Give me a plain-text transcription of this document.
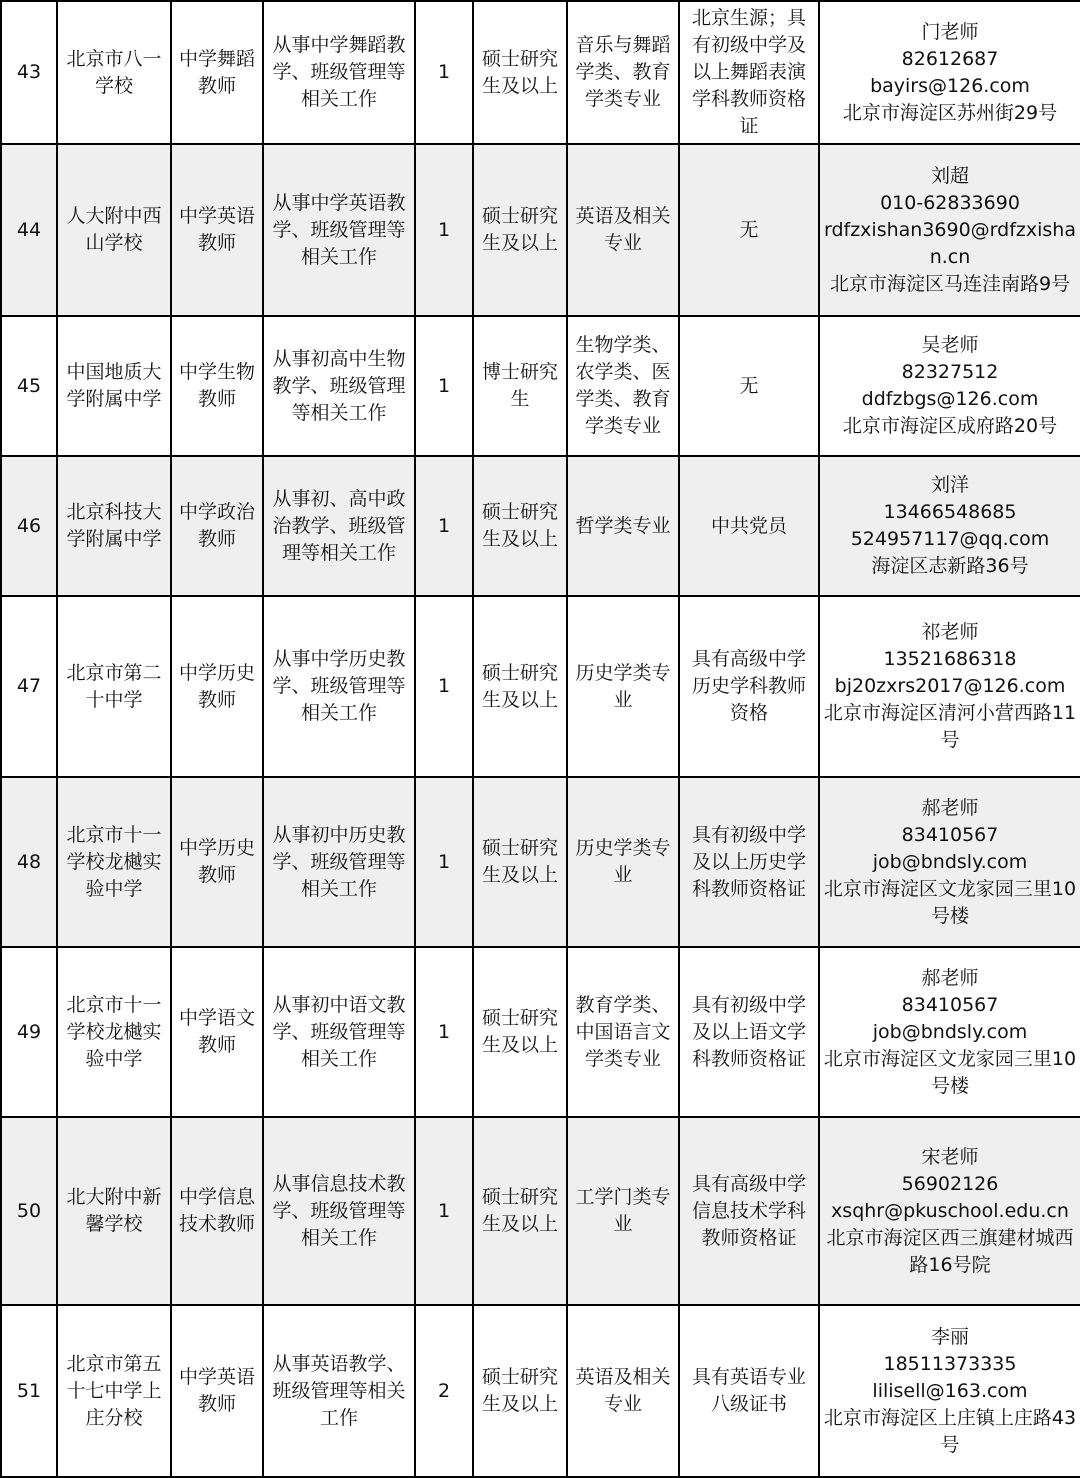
43	北京市八一学校	中学舞蹈教师	从事中学舞蹈教学、班级管理等相关工作	1	硕士研究生及以上	音乐与舞蹈学类、教育学类专业	北京生源；具有初级中学及以上舞蹈表演学科教师资格证	门老师
82612687
bayirs@126.com
北京市海淀区苏州街29号

44	人大附中西山学校	中学英语教师	从事中学英语教学、班级管理等相关工作	1	硕士研究生及以上	英语及相关专业	无	刘超
010-62833690
rdfzxishan3690@rdfzxishan.cn
北京市海淀区马连洼南路9号

45	中国地质大学附属中学	中学生物教师	从事初高中生物教学、班级管理等相关工作	1	博士研究生	生物学类、农学类、医学类、教育学类专业	无	吴老师
82327512
ddfzbgs@126.com
北京市海淀区成府路20号

46	北京科技大学附属中学	中学政治教师	从事初、高中政治教学、班级管理等相关工作	1	硕士研究生及以上	哲学类专业	中共党员	刘洋
13466548685
524957117@qq.com
海淀区志新路36号

47	北京市第二十中学	中学历史教师	从事中学历史教学、班级管理等相关工作	1	硕士研究生及以上	历史学类专业	具有高级中学历史学科教师资格	祁老师
13521686318
bj20zxrs2017@126.com
北京市海淀区清河小营西路11号

48	北京市十一学校龙樾实验中学	中学历史教师	从事初中历史教学、班级管理等相关工作	1	硕士研究生及以上	历史学类专业	具有初级中学及以上历史学科教师资格证	郝老师
83410567
job@bndsly.com
北京市海淀区文龙家园三里10号楼

49	北京市十一学校龙樾实验中学	中学语文教师	从事初中语文教学、班级管理等相关工作	1	硕士研究生及以上	教育学类、中国语言文学类专业	具有初级中学及以上语文学科教师资格证	郝老师
83410567
job@bndsly.com
北京市海淀区文龙家园三里10号楼

50	北大附中新馨学校	中学信息技术教师	从事信息技术教学、班级管理等相关工作	1	硕士研究生及以上	工学门类专业	具有高级中学信息技术学科教师资格证	宋老师
56902126
xsqhr@pkuschool.edu.cn
北京市海淀区西三旗建材城西路16号院

51	北京市第五十七中学上庄分校	中学英语教师	从事英语教学、班级管理等相关工作	2	硕士研究生及以上	英语及相关专业	具有英语专业八级证书	李丽
18511373335
lilisell@163.com
北京市海淀区上庄镇上庄路43号
